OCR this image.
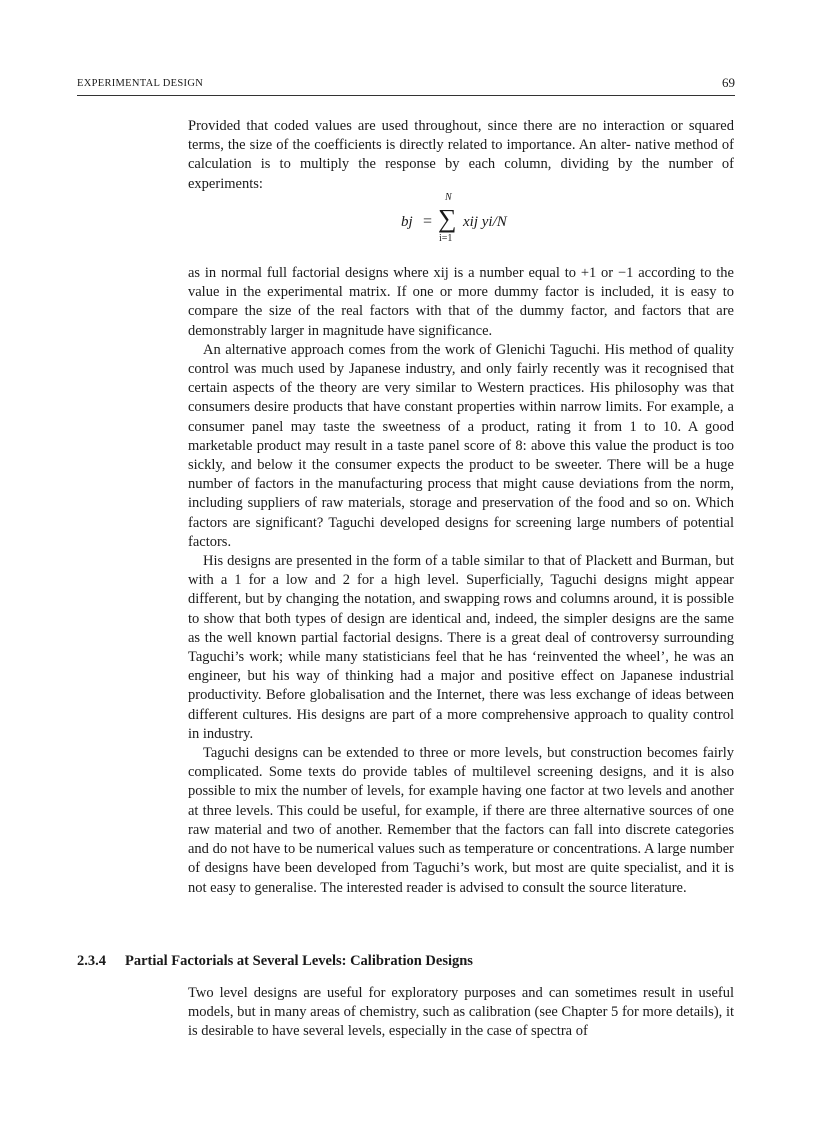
EXPERIMENTAL DESIGN	69

Provided that coded values are used throughout, since there are no interaction or squared terms, the size of the coefficients is directly related to importance. An alter- native method of calculation is to multiply the response by each column, dividing by the number of experiments:

bj =
N
∑
i=1
xij yi/N

as in normal full factorial designs where xij is a number equal to +1 or −1 according to the value in the experimental matrix. If one or more dummy factor is included, it is easy to compare the size of the real factors with that of the dummy factor, and factors that are demonstrably larger in magnitude have significance.

An alternative approach comes from the work of Glenichi Taguchi. His method of quality control was much used by Japanese industry, and only fairly recently was it recognised that certain aspects of the theory are very similar to Western practices. His philosophy was that consumers desire products that have constant properties within narrow limits. For example, a consumer panel may taste the sweetness of a product, rating it from 1 to 10. A good marketable product may result in a taste panel score of 8: above this value the product is too sickly, and below it the consumer expects the product to be sweeter. There will be a huge number of factors in the manufacturing process that might cause deviations from the norm, including suppliers of raw materials, storage and preservation of the food and so on. Which factors are significant? Taguchi developed designs for screening large numbers of potential factors.

His designs are presented in the form of a table similar to that of Plackett and Burman, but with a 1 for a low and 2 for a high level. Superficially, Taguchi designs might appear different, but by changing the notation, and swapping rows and columns around, it is possible to show that both types of design are identical and, indeed, the simpler designs are the same as the well known partial factorial designs. There is a great deal of controversy surrounding Taguchi’s work; while many statisticians feel that he has ‘reinvented the wheel’, he was an engineer, but his way of thinking had a major and positive effect on Japanese industrial productivity. Before globalisation and the Internet, there was less exchange of ideas between different cultures. His designs are part of a more comprehensive approach to quality control in industry.

Taguchi designs can be extended to three or more levels, but construction becomes fairly complicated. Some texts do provide tables of multilevel screening designs, and it is also possible to mix the number of levels, for example having one factor at two levels and another at three levels. This could be useful, for example, if there are three alternative sources of one raw material and two of another. Remember that the factors can fall into discrete categories and do not have to be numerical values such as temperature or concentrations. A large number of designs have been developed from Taguchi’s work, but most are quite specialist, and it is not easy to generalise. The interested reader is advised to consult the source literature.

2.3.4 Partial Factorials at Several Levels: Calibration Designs

Two level designs are useful for exploratory purposes and can sometimes result in useful models, but in many areas of chemistry, such as calibration (see Chapter 5 for more details), it is desirable to have several levels, especially in the case of spectra of
